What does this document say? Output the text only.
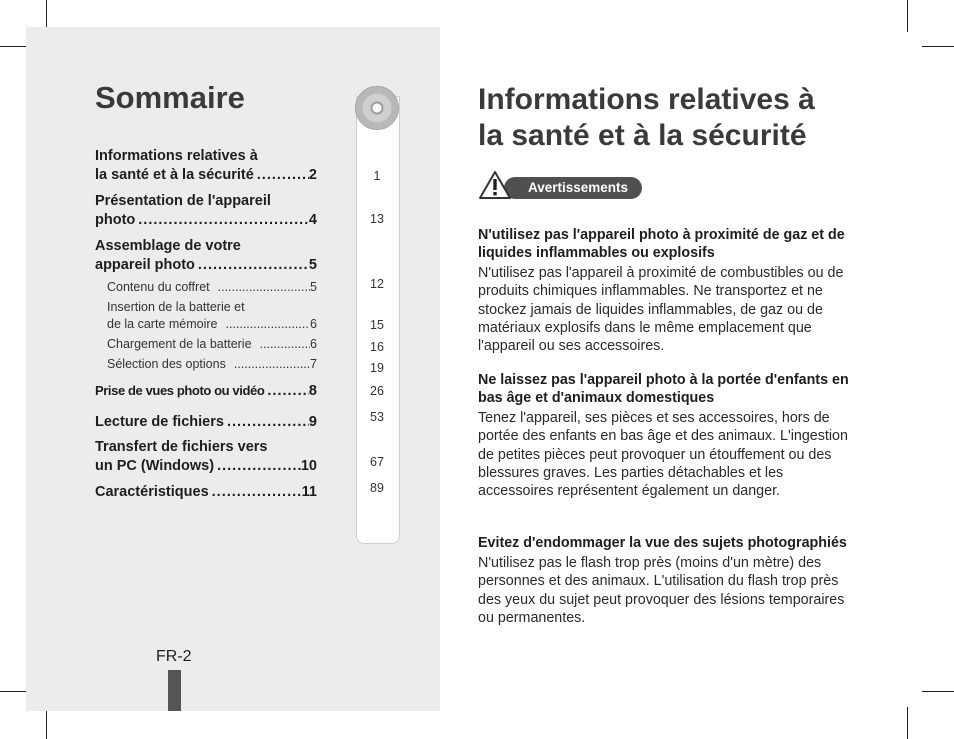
Sommaire
Informations relatives à
la santé et à la sécurité .....	2
Présentation de l'appareil
photo .....	4
Assemblage de votre
appareil photo .....	5
Contenu du coffret .....	5
Insertion de la batterie et
de la carte mémoire .....	6
Chargement de la batterie .....	6
Sélection des options .....	7
Prise de vues photo ou vidéo .....	8
Lecture de fichiers .....	9
Transfert de fichiers vers
un PC (Windows) .....	10
Caractéristiques .....	11
1
13
12
15
16
19
26
53
67
89
FR-2
Informations relatives à
la santé et à la sécurité
Avertissements
N'utilisez pas l'appareil photo à proximité de gaz et de liquides inflammables ou explosifs
N'utilisez pas l'appareil à proximité de combustibles ou de produits chimiques inflammables. Ne transportez et ne stockez jamais de liquides inflammables, de gaz ou de matériaux explosifs dans le même emplacement que l'appareil ou ses accessoires.
Ne laissez pas l'appareil photo à la portée d'enfants en bas âge et d'animaux domestiques
Tenez l'appareil, ses pièces et ses accessoires, hors de portée des enfants en bas âge et des animaux. L'ingestion de petites pièces peut provoquer un étouffement ou des blessures graves. Les parties détachables et les accessoires représentent également un danger.
Evitez d'endommager la vue des sujets photographiés
N'utilisez pas le flash trop près (moins d'un mètre) des personnes et des animaux. L'utilisation du flash trop près des yeux du sujet peut provoquer des lésions temporaires ou permanentes.
